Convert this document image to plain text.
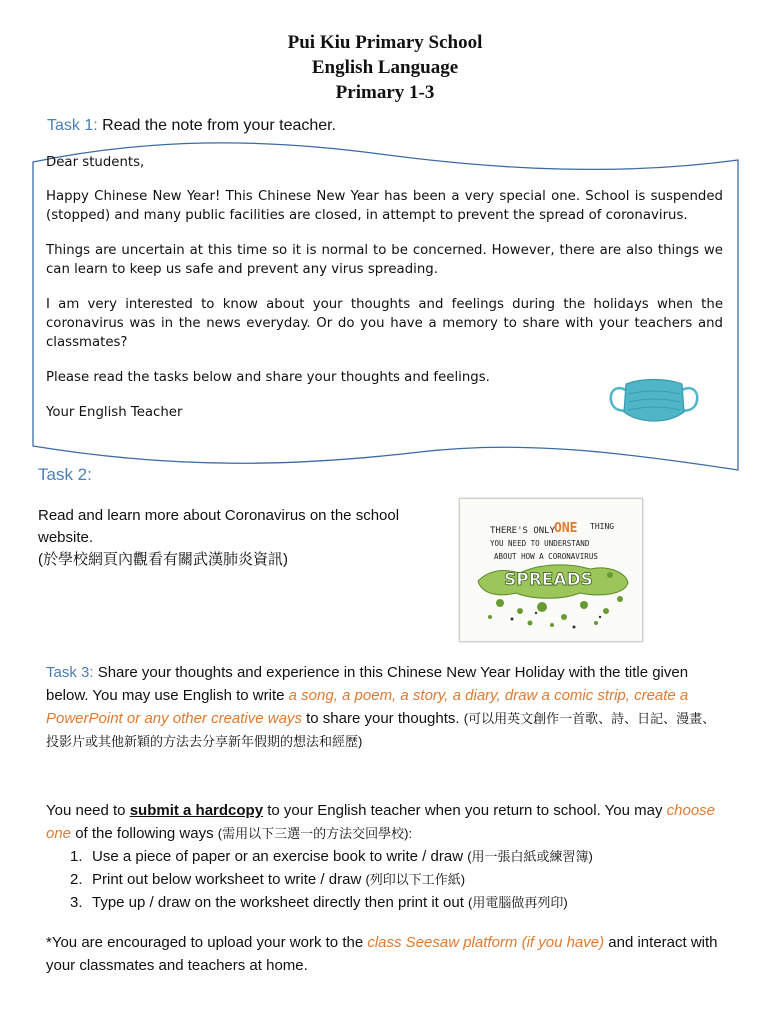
Pui Kiu Primary School
English Language
Primary 1-3
Task 1: Read the note from your teacher.

Dear students,

Happy Chinese New Year! This Chinese New Year has been a very special one. School is suspended (stopped) and many public facilities are closed, in attempt to prevent the spread of coronavirus.

Things are uncertain at this time so it is normal to be concerned. However, there are also things we can learn to keep us safe and prevent any virus spreading.

I am very interested to know about your thoughts and feelings during the holidays when the coronavirus was in the news everyday. Or do you have a memory to share with your teachers and classmates?

Please read the tasks below and share your thoughts and feelings.

Your English Teacher

Task 2:
Read and learn more about Coronavirus on the school website.
(於學校網頁內觀看有關武漢肺炎資訊)
THERE'S ONLY
ONE THING
YOU NEED TO UNDERSTAND
ABOUT HOW A CORONAVIRUS
SPREADS
Task 3: Share your thoughts and experience in this Chinese New Year Holiday with the title given below. You may use English to write a song, a poem, a story, a diary, draw a comic strip, create a PowerPoint or any other creative ways to share your thoughts. (可以用英文創作一首歌、詩、日記、漫畫、投影片或其他新穎的方法去分享新年假期的想法和經歷)
You need to submit a hardcopy to your English teacher when you return to school. You may choose one of the following ways (需用以下三選一的方法交回學校):
1. Use a piece of paper or an exercise book to write / draw (用一張白紙或練習簿)
2. Print out below worksheet to write / draw (列印以下工作紙)
3. Type up / draw on the worksheet directly then print it out (用電腦做再列印)
*You are encouraged to upload your work to the class Seesaw platform (if you have) and interact with your classmates and teachers at home.
